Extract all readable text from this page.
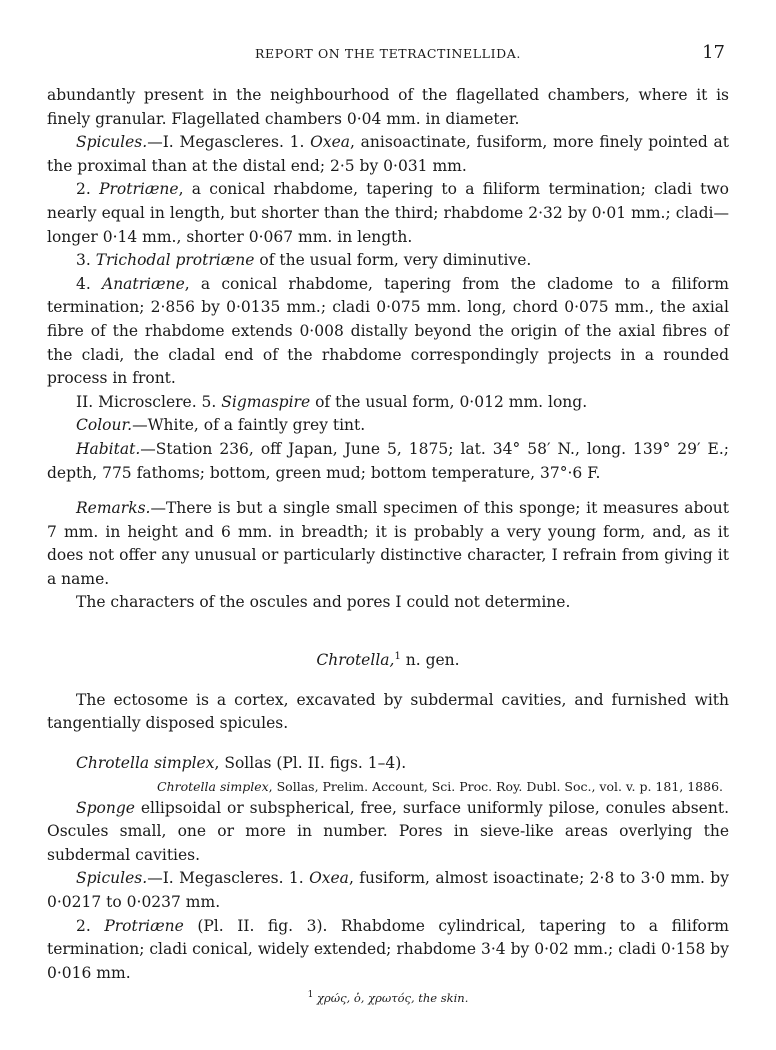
REPORT ON THE TETRACTINELLIDA.	17

abundantly present in the neighbourhood of the flagellated chambers, where it is finely granular. Flagellated chambers 0·04 mm. in diameter.

Spicules.—I. Megascleres. 1. Oxea, anisoactinate, fusiform, more finely pointed at the proximal than at the distal end; 2·5 by 0·031 mm.

2. Protriæne, a conical rhabdome, tapering to a filiform termination; cladi two nearly equal in length, but shorter than the third; rhabdome 2·32 by 0·01 mm.; cladi—longer 0·14 mm., shorter 0·067 mm. in length.

3. Trichodal protriæne of the usual form, very diminutive.

4. Anatriæne, a conical rhabdome, tapering from the cladome to a filiform termination; 2·856 by 0·0135 mm.; cladi 0·075 mm. long, chord 0·075 mm., the axial fibre of the rhabdome extends 0·008 distally beyond the origin of the axial fibres of the cladi, the cladal end of the rhabdome correspondingly projects in a rounded process in front.

II. Microsclere. 5. Sigmaspire of the usual form, 0·012 mm. long.

Colour.—White, of a faintly grey tint.

Habitat.—Station 236, off Japan, June 5, 1875; lat. 34° 58′ N., long. 139° 29′ E.; depth, 775 fathoms; bottom, green mud; bottom temperature, 37°·6 F.

Remarks.—There is but a single small specimen of this sponge; it measures about 7 mm. in height and 6 mm. in breadth; it is probably a very young form, and, as it does not offer any unusual or particularly distinctive character, I refrain from giving it a name.

The characters of the oscules and pores I could not determine.

Chrotella,$^1$ n. gen.

The ectosome is a cortex, excavated by subdermal cavities, and furnished with tangentially disposed spicules.

Chrotella simplex, Sollas (Pl. II. figs. 1–4).

Chrotella simplex, Sollas, Prelim. Account, Sci. Proc. Roy. Dubl. Soc., vol. v. p. 181, 1886.

Sponge ellipsoidal or subspherical, free, surface uniformly pilose, conules absent. Oscules small, one or more in number. Pores in sieve-like areas overlying the subdermal cavities.

Spicules.—I. Megascleres. 1. Oxea, fusiform, almost isoactinate; 2·8 to 3·0 mm. by 0·0217 to 0·0237 mm.

2. Protriæne (Pl. II. fig. 3). Rhabdome cylindrical, tapering to a filiform termination; cladi conical, widely extended; rhabdome 3·4 by 0·02 mm.; cladi 0·158 by 0·016 mm.

$^1$ χρώς, ὁ, χρωτός, the skin.
